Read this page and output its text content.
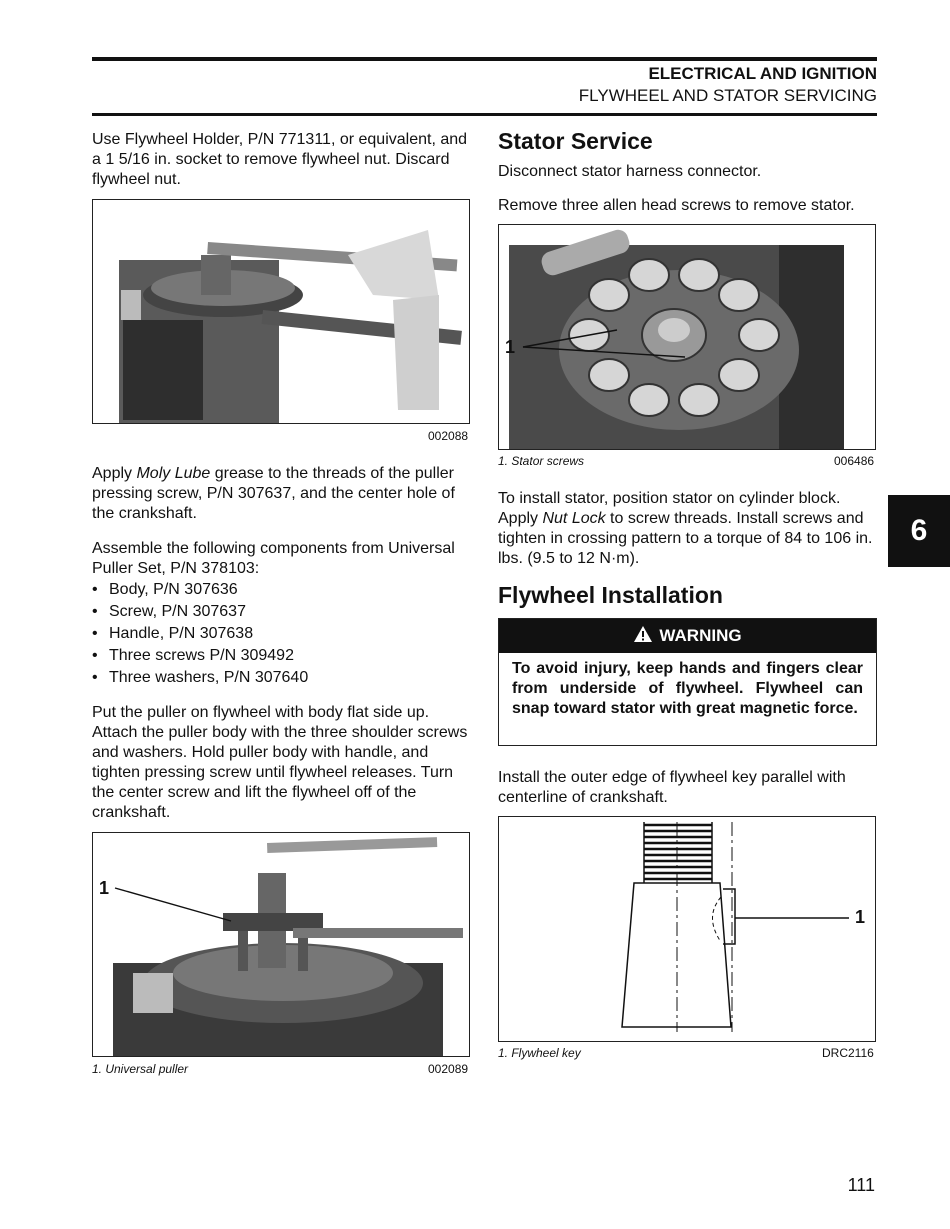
ELECTRICAL AND IGNITION
FLYWHEEL AND STATOR SERVICING

Use Flywheel Holder, P/N 771311, or equivalent, and a 1 5/16 in. socket to remove flywheel nut. Discard flywheel nut.

002088

Apply Moly Lube grease to the threads of the puller pressing screw, P/N 307637, and the center hole of the crankshaft.

Assemble the following components from Universal Puller Set, P/N 378103:

• Body, P/N 307636
• Screw, P/N 307637
• Handle, P/N 307638
• Three screws P/N 309492
• Three washers, P/N 307640

Put the puller on flywheel with body flat side up. Attach the puller body with the three shoulder screws and washers. Hold puller body with handle, and tighten pressing screw until flywheel releases. Turn the center screw and lift the flywheel off of the crankshaft.

1
1. Universal puller	002089
Stator Service

Disconnect stator harness connector.

Remove three allen head screws to remove stator.

1
1. Stator screws	006486

To install stator, position stator on cylinder block. Apply Nut Lock to screw threads. Install screws and tighten in crossing pattern to a torque of 84 to 106 in. lbs. (9.5 to 12 N·m).

Flywheel Installation
WARNING
To avoid injury, keep hands and fingers clear from underside of flywheel. Flywheel can snap toward stator with great magnetic force.

Install the outer edge of flywheel key parallel with centerline of crankshaft.

1
1. Flywheel key	DRC2116
6
111
